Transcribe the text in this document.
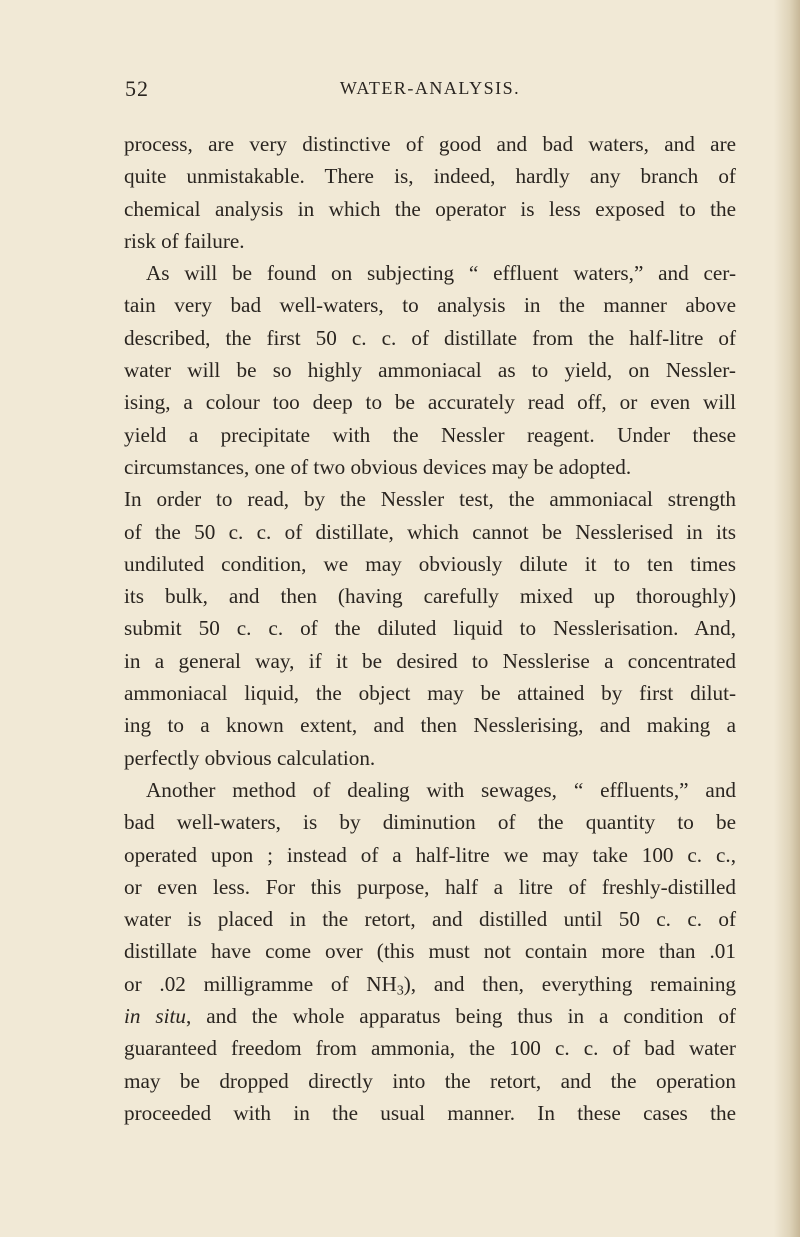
52	WATER-ANALYSIS.
process, are very distinctive of good and bad waters, and are
quite unmistakable. There is, indeed, hardly any branch of
chemical analysis in which the operator is less exposed to the
risk of failure.
As will be found on subjecting “ effluent waters,” and cer-
tain very bad well-waters, to analysis in the manner above
described, the first 50 c. c. of distillate from the half-litre of
water will be so highly ammoniacal as to yield, on Nessler-
ising, a colour too deep to be accurately read off, or even will
yield a precipitate with the Nessler reagent. Under these
circumstances, one of two obvious devices may be adopted.
In order to read, by the Nessler test, the ammoniacal strength
of the 50 c. c. of distillate, which cannot be Nesslerised in its
undiluted condition, we may obviously dilute it to ten times
its bulk, and then (having carefully mixed up thoroughly)
submit 50 c. c. of the diluted liquid to Nesslerisation. And,
in a general way, if it be desired to Nesslerise a concentrated
ammoniacal liquid, the object may be attained by first dilut-
ing to a known extent, and then Nesslerising, and making a
perfectly obvious calculation.
Another method of dealing with sewages, “ effluents,” and
bad well-waters, is by diminution of the quantity to be
operated upon ; instead of a half-litre we may take 100 c. c.,
or even less. For this purpose, half a litre of freshly-distilled
water is placed in the retort, and distilled until 50 c. c. of
distillate have come over (this must not contain more than .01
or .02 milligramme of $NH_3$), and then, everything remaining
in situ, and the whole apparatus being thus in a condition of
guaranteed freedom from ammonia, the 100 c. c. of bad water
may be dropped directly into the retort, and the operation
proceeded with in the usual manner. In these cases the
